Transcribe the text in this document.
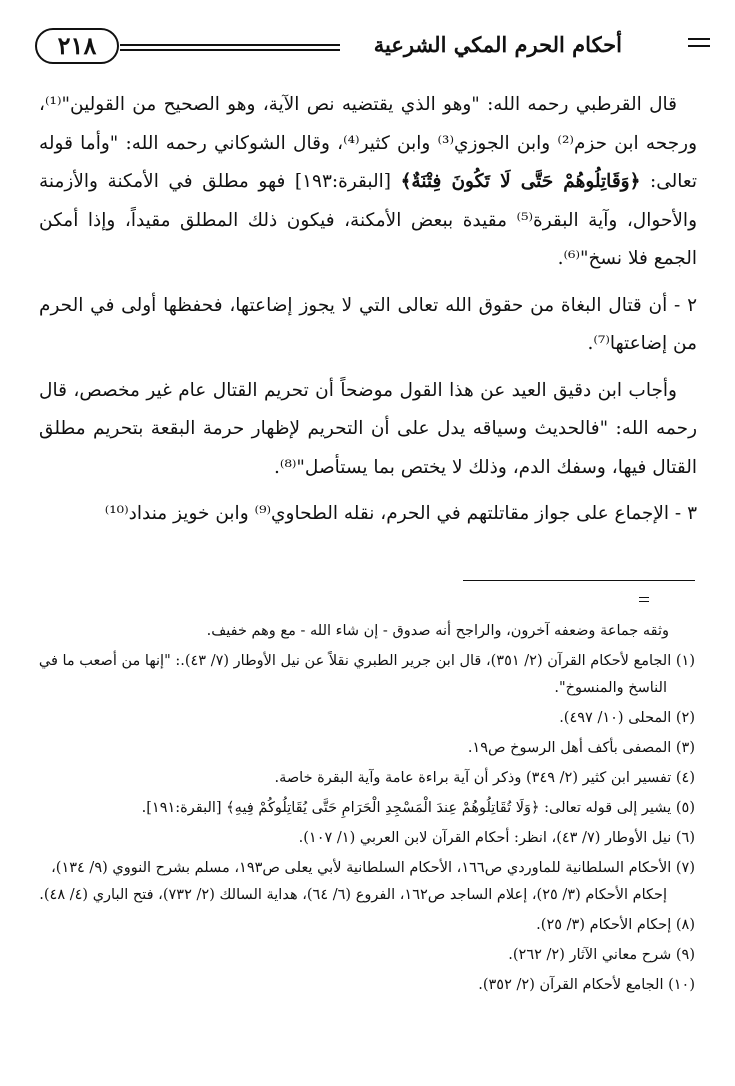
٢١٨	أحكام الحرم المكي الشرعية

قال القرطبي رحمه الله: "وهو الذي يقتضيه نص الآية، وهو الصحيح من القولين"⁽¹⁾، ورجحه ابن حزم⁽²⁾ وابن الجوزي⁽³⁾ وابن كثير⁽⁴⁾، وقال الشوكاني رحمه الله: "وأما قوله تعالى: ﴿وَقَاتِلُوهُمْ حَتَّى لَا تَكُونَ فِتْنَةٌ﴾ [البقرة:١٩٣] فهو مطلق في الأمكنة والأزمنة والأحوال، وآية البقرة⁽⁵⁾ مقيدة ببعض الأمكنة، فيكون ذلك المطلق مقيداً، وإذا أمكن الجمع فلا نسخ"⁽⁶⁾.

٢ - أن قتال البغاة من حقوق الله تعالى التي لا يجوز إضاعتها، فحفظها أولى في الحرم من إضاعتها⁽⁷⁾.

وأجاب ابن دقيق العيد عن هذا القول موضحاً أن تحريم القتال عام غير مخصص، قال رحمه الله: "فالحديث وسياقه يدل على أن التحريم لإظهار حرمة البقعة بتحريم مطلق القتال فيها، وسفك الدم، وذلك لا يختص بما يستأصل"⁽⁸⁾.

٣ - الإجماع على جواز مقاتلتهم في الحرم، نقله الطحاوي⁽⁹⁾ وابن خويز منداد⁽¹⁰⁾

وثقه جماعة وضعفه آخرون، والراجح أنه صدوق - إن شاء الله - مع وهم خفيف.
(١) الجامع لأحكام القرآن (٢/ ٣٥١)، قال ابن جرير الطبري نقلاً عن نيل الأوطار (٧/ ٤٣).: "إنها من أصعب ما في الناسخ والمنسوخ".
(٢) المحلى (١٠/ ٤٩٧).
(٣) المصفى بأكف أهل الرسوخ ص١٩.
(٤) تفسير ابن كثير (٢/ ٣٤٩) وذكر أن آية براءة عامة وآية البقرة خاصة.
(٥) يشير إلى قوله تعالى: ﴿وَلَا تُقَاتِلُوهُمْ عِندَ الْمَسْجِدِ الْحَرَامِ حَتَّى يُقَاتِلُوكُمْ فِيهِ﴾ [البقرة:١٩١].
(٦) نيل الأوطار (٧/ ٤٣)، انظر: أحكام القرآن لابن العربي (١/ ١٠٧).
(٧) الأحكام السلطانية للماوردي ص١٦٦، الأحكام السلطانية لأبي يعلى ص١٩٣، مسلم بشرح النووي (٩/ ١٣٤)، إحكام الأحكام (٣/ ٢٥)، إعلام الساجد ص١٦٢، الفروع (٦/ ٦٤)، هداية السالك (٢/ ٧٣٢)، فتح الباري (٤/ ٤٨).
(٨) إحكام الأحكام (٣/ ٢٥).
(٩) شرح معاني الآثار (٢/ ٢٦٢).
(١٠) الجامع لأحكام القرآن (٢/ ٣٥٢).
